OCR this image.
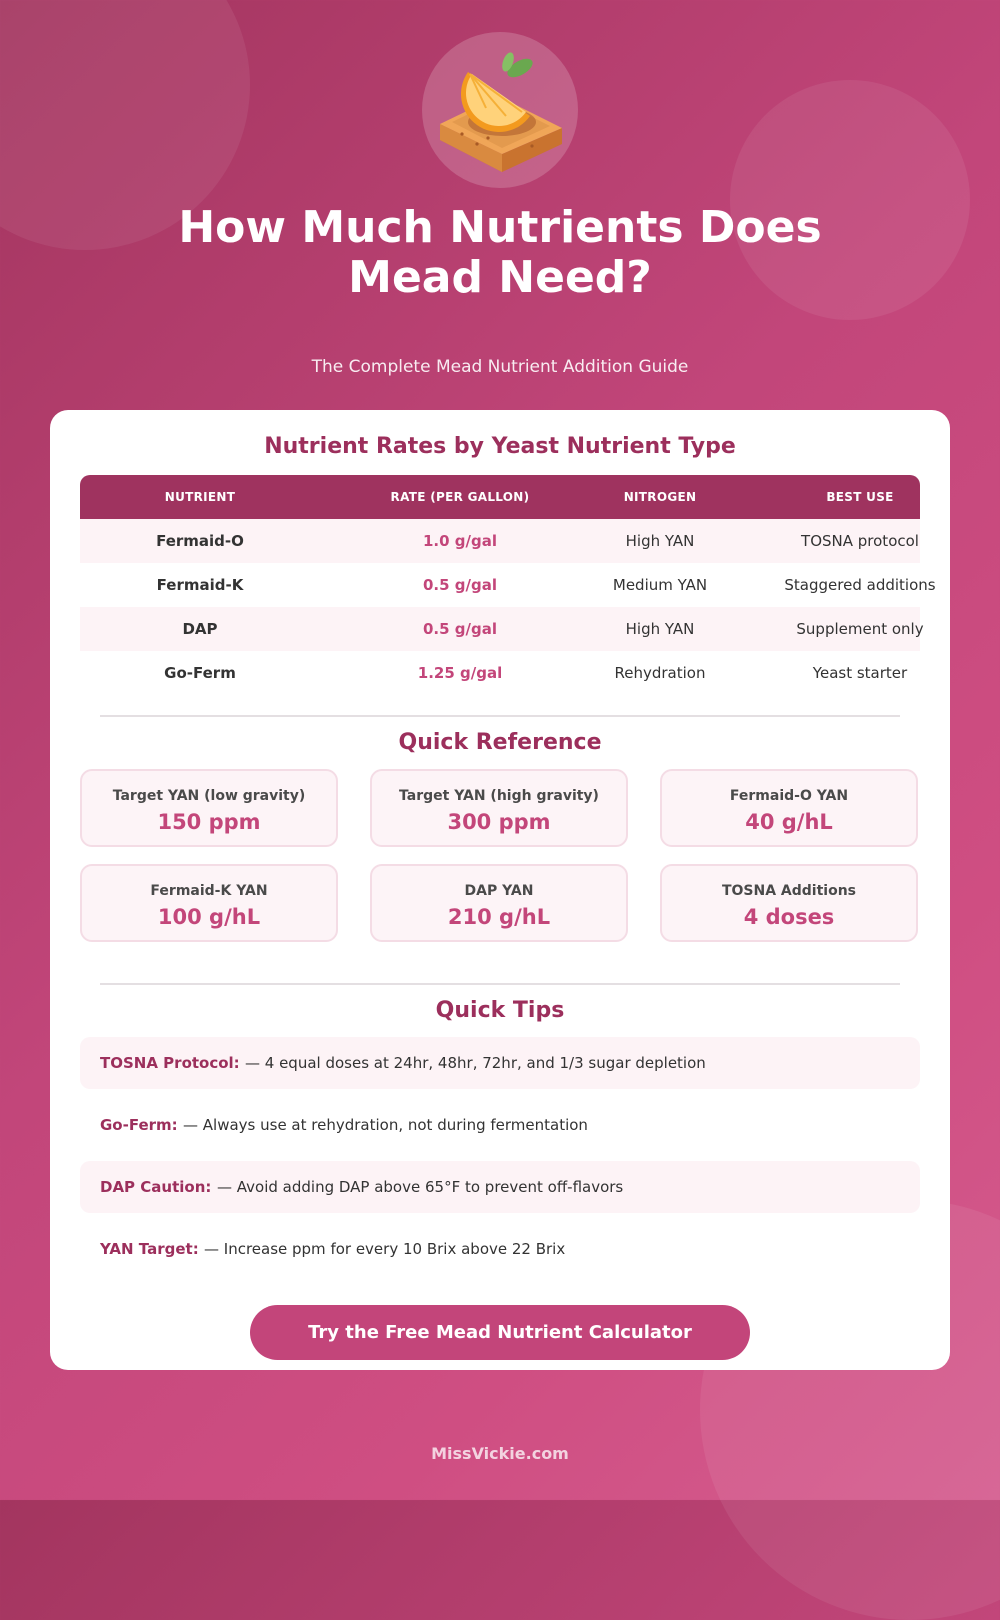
How Much Nutrients Does
Mead Need?
The Complete Mead Nutrient Addition Guide
Nutrient Rates by Yeast Nutrient Type
NUTRIENT	RATE (PER GALLON)	NITROGEN	BEST USE
Fermaid-O	1.0 g/gal	High YAN	TOSNA protocol
Fermaid-K	0.5 g/gal	Medium YAN	Staggered additions
DAP	0.5 g/gal	High YAN	Supplement only
Go-Ferm	1.25 g/gal	Rehydration	Yeast starter
Quick Reference
Target YAN (low gravity)
150 ppm
Target YAN (high gravity)
300 ppm
Fermaid-O YAN
40 g/hL
Fermaid-K YAN
100 g/hL
DAP YAN
210 g/hL
TOSNA Additions
4 doses
Quick Tips
TOSNA Protocol: — 4 equal doses at 24hr, 48hr, 72hr, and 1/3 sugar depletion
Go-Ferm: — Always use at rehydration, not during fermentation
DAP Caution: — Avoid adding DAP above 65°F to prevent off-flavors
YAN Target: — Increase ppm for every 10 Brix above 22 Brix
Try the Free Mead Nutrient Calculator
MissVickie.com
